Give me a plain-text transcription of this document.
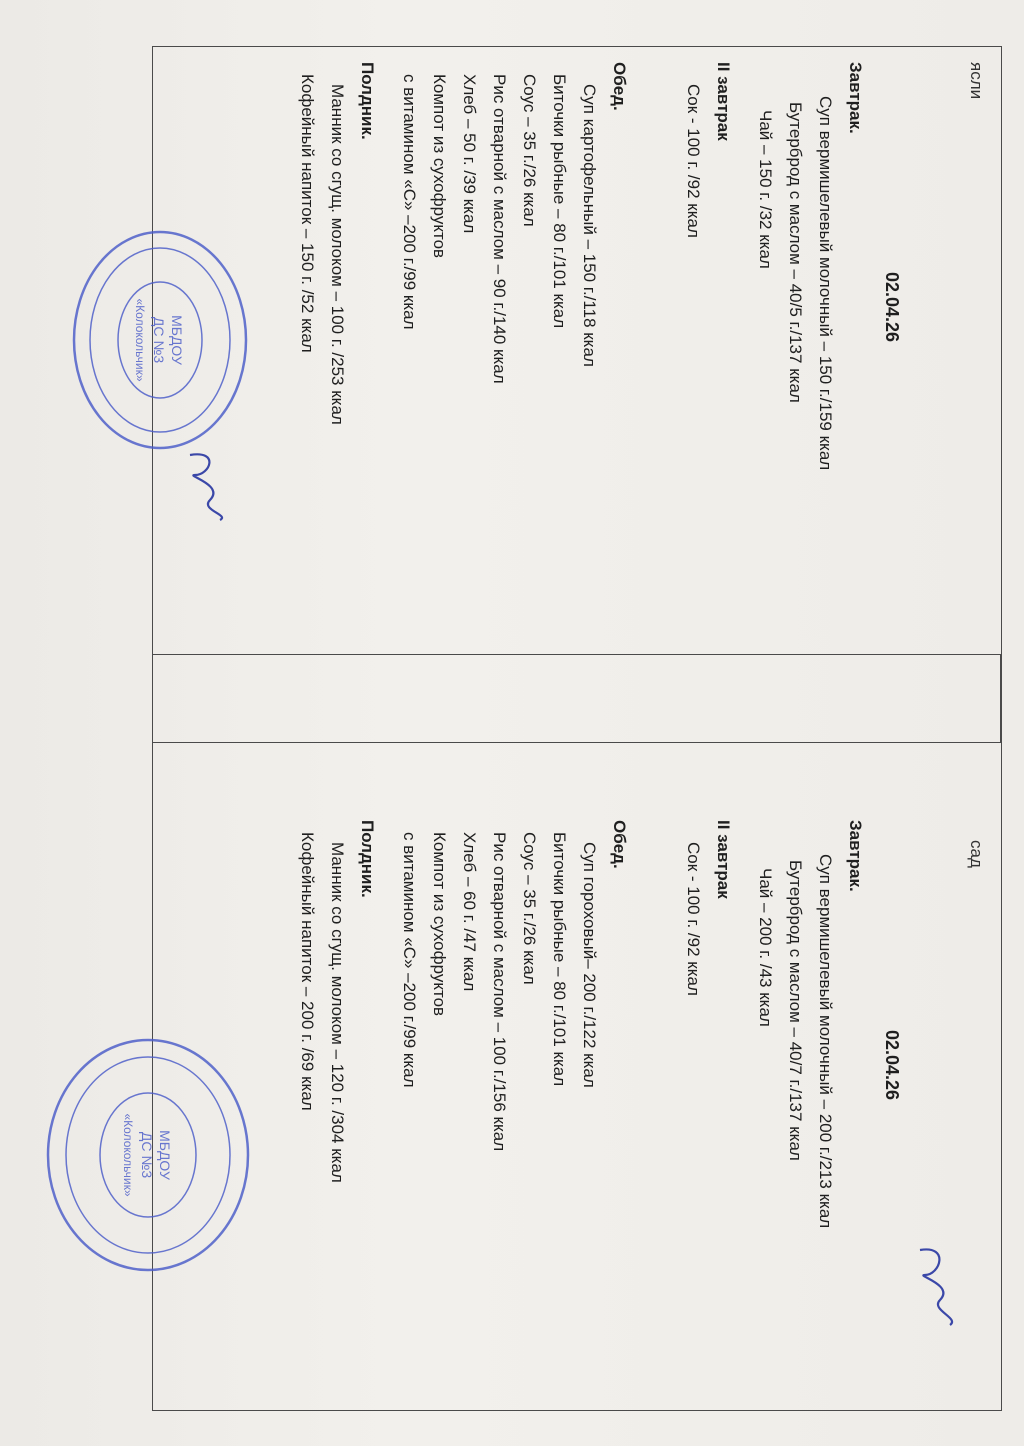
ясли
02.04.26
Завтрак.
Суп вермишелевый молочный – 150 г./159 ккал
Бутерброд с маслом – 40/5 г./137 ккал
Чай – 150 г. /32 ккал
II завтрак
Сок - 100 г. /92 ккал
Обед.
Суп картофельный – 150 г./118 ккал
Биточки рыбные – 80 г./101 ккал
Соус – 35 г./26 ккал
Рис отварной с маслом – 90 г./140 ккал
Хлеб – 50 г. /39 ккал
Компот из сухофруктов
с витамином «С» –200 г./99 ккал
Полдник.
Манник со сгущ. молоком – 100 г. /253 ккал
Кофейный напиток – 150 г. /52 ккал
сад
02.04.26
Завтрак.
Суп вермишелевый молочный – 200 г./213 ккал
Бутерброд с маслом – 40/7 г./137 ккал
Чай – 200 г. /43 ккал
II завтрак
Сок - 100 г. /92 ккал
Обед.
Суп гороховый– 200 г./122 ккал
Биточки рыбные – 80 г./101 ккал
Соус – 35 г./26 ккал
Рис отварной с маслом – 100 г./156 ккал
Хлеб – 60 г. /47 ккал
Компот из сухофруктов
с витамином «С» –200 г./99 ккал
Полдник.
Манник со сгущ. молоком – 120 г. /304 ккал
Кофейный напиток – 200 г. /69 ккал
МБДОУ
ДС №3
«Колокольчик»
МБДОУ
ДС №3
«Колокольчик»
